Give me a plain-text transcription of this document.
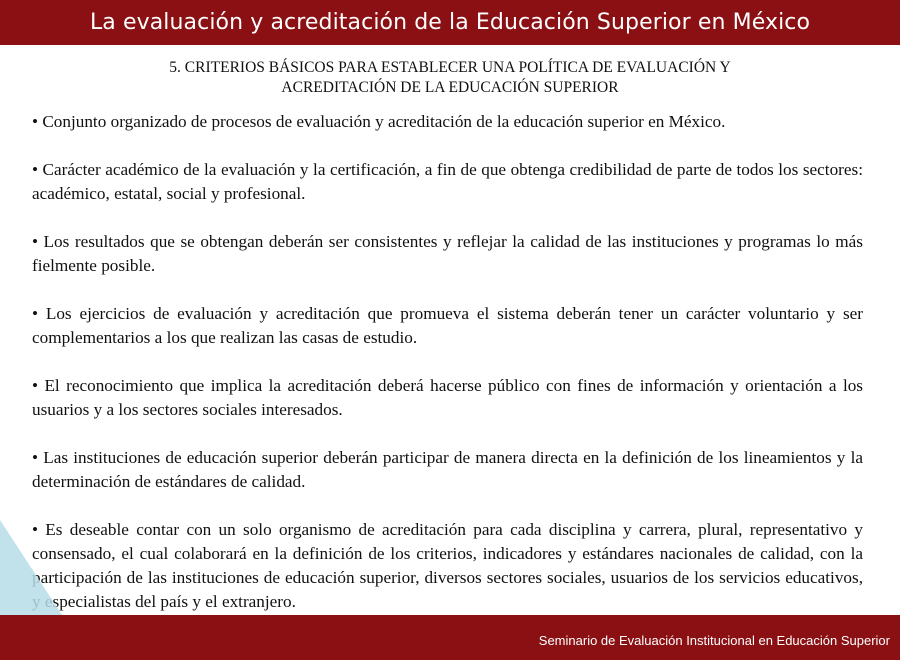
La evaluación y acreditación de la Educación Superior en México
5. CRITERIOS BÁSICOS PARA ESTABLECER UNA POLÍTICA DE EVALUACIÓN Y
ACREDITACIÓN DE LA EDUCACIÓN SUPERIOR

• Conjunto organizado de procesos de evaluación y acreditación de la educación superior en México.

• Carácter académico de la evaluación y la certificación, a fin de que obtenga credibilidad de parte de todos los sectores: académico, estatal, social y profesional.

• Los resultados que se obtengan deberán ser consistentes y reflejar la calidad de las instituciones y programas lo más fielmente posible.

• Los ejercicios de evaluación y acreditación que promueva el sistema deberán tener un carácter voluntario y ser complementarios a los que realizan las casas de estudio.

• El reconocimiento que implica la acreditación deberá hacerse público con fines de información y orientación a los usuarios y a los sectores sociales interesados.

• Las instituciones de educación superior deberán participar de manera directa en la definición de los lineamientos y la determinación de estándares de calidad.

• Es deseable contar con un solo organismo de acreditación para cada disciplina y carrera, plural, representativo y consensado, el cual colaborará en la definición de los criterios, indicadores y estándares nacionales de calidad, con la participación de las instituciones de educación superior, diversos sectores sociales, usuarios de los servicios educativos, y especialistas del país y el extranjero.

Seminario de Evaluación Institucional en Educación Superior
